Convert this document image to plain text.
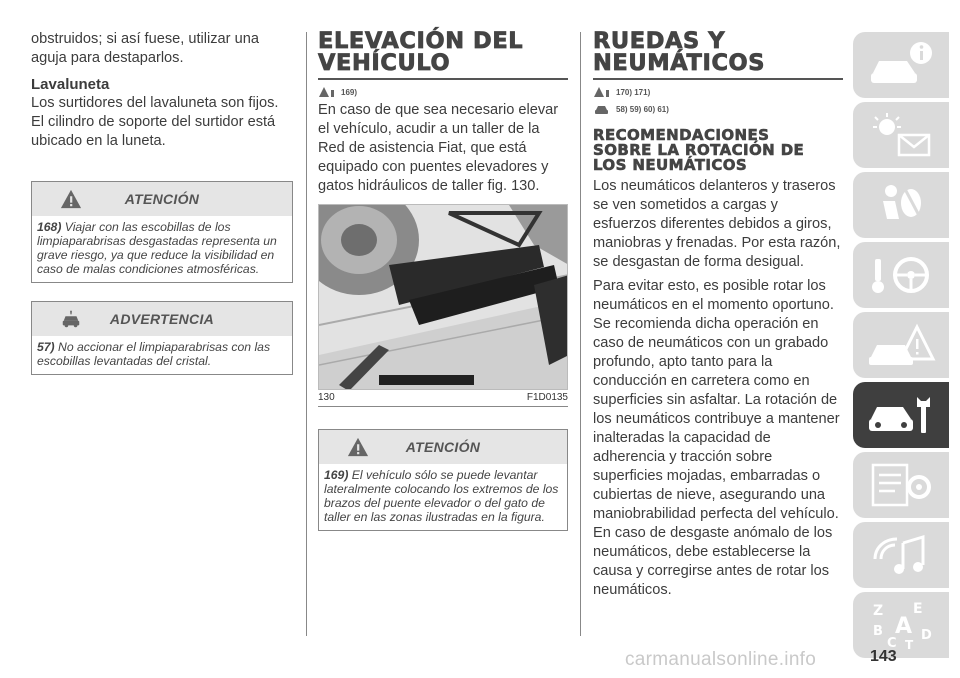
obstruidos; si así fuese, utilizar una aguja para destaparlos.

Lavaluneta

Los surtidores del lavaluneta son fijos. El cilindro de soporte del surtidor está ubicado en la luneta.

ATENCIÓN
168) Viajar con las escobillas de los limpiaparabrisas desgastadas representa un grave riesgo, ya que reduce la visibilidad en caso de malas condiciones atmosféricas.
ADVERTENCIA
57) No accionar el limpiaparabrisas con las escobillas levantadas del cristal.
ELEVACIÓN DEL
VEHÍCULO
169)

En caso de que sea necesario elevar el vehículo, acudir a un taller de la Red de asistencia Fiat, que está equipado con puentes elevadores y gatos hidráulicos de taller fig. 130.

130	F1D0135
ATENCIÓN
169) El vehículo sólo se puede levantar lateralmente colocando los extremos de los brazos del puente elevador o del gato de taller en las zonas ilustradas en la figura.
RUEDAS Y
NEUMÁTICOS
170) 171)
58) 59) 60) 61)
RECOMENDACIONES
SOBRE LA ROTACIÓN DE
LOS NEUMÁTICOS

Los neumáticos delanteros y traseros se ven sometidos a cargas y esfuerzos diferentes debidos a giros, maniobras y frenadas. Por esta razón, se desgastan de forma desigual.

Para evitar esto, es posible rotar los neumáticos en el momento oportuno. Se recomienda dicha operación en caso de neumáticos con un grabado profundo, apto tanto para la conducción en carretera como en superficies sin asfaltar. La rotación de los neumáticos contribuye a mantener inalteradas la capacidad de adherencia y tracción sobre superficies mojadas, embarradas o cubiertas de nieve, asegurando una maniobrabilidad perfecta del vehículo. En caso de desgaste anómalo de los neumáticos, debe establecerse la causa y corregirse antes de rotar los neumáticos.

Z E
B A D
C T
143
carmanualsonline.info
